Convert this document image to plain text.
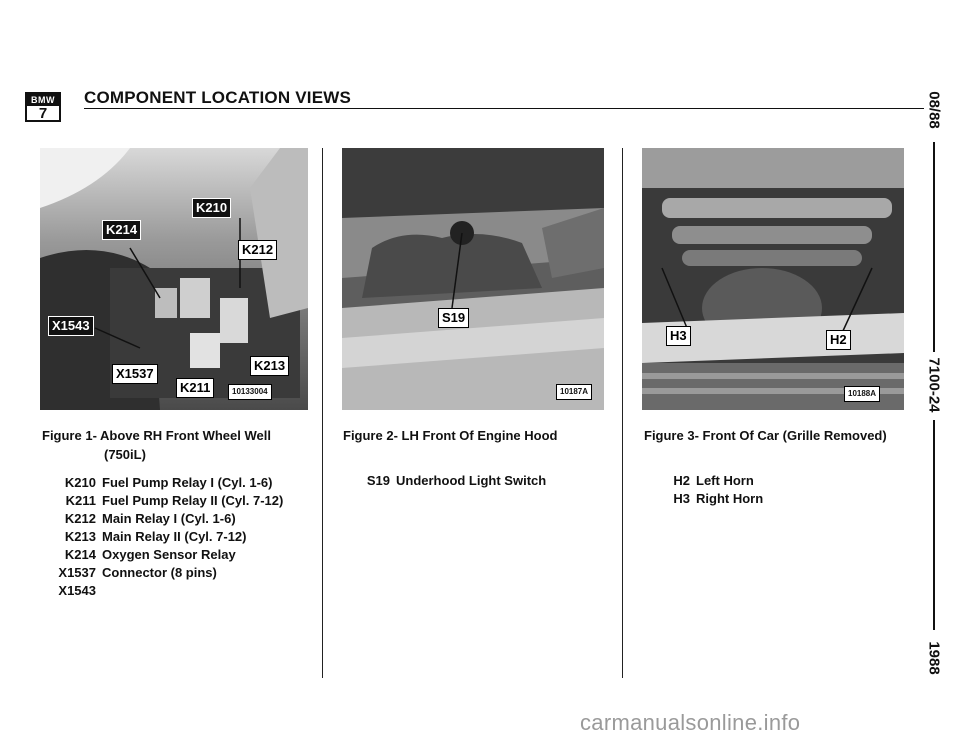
BMW
7
COMPONENT LOCATION VIEWS
K210
K214
K212
X1543
K213
X1537
K211	10133004
S19
10187A
H3	H2
10188A
Figure 1- Above RH Front Wheel Well
(750iL)
Figure 2- LH Front Of Engine Hood	Figure 3- Front Of Car (Grille Removed)
K210 Fuel Pump Relay I (Cyl. 1-6)
K211 Fuel Pump Relay II (Cyl. 7-12)
K212 Main Relay I (Cyl. 1-6)
K213 Main Relay II (Cyl. 7-12)
K214 Oxygen Sensor Relay
X1537 Connector (8 pins)
X1543
S19 Underhood Light Switch	H2 Left Horn
H3 Right Horn
08/88
7100-24
1988
carmanualsonline.info
